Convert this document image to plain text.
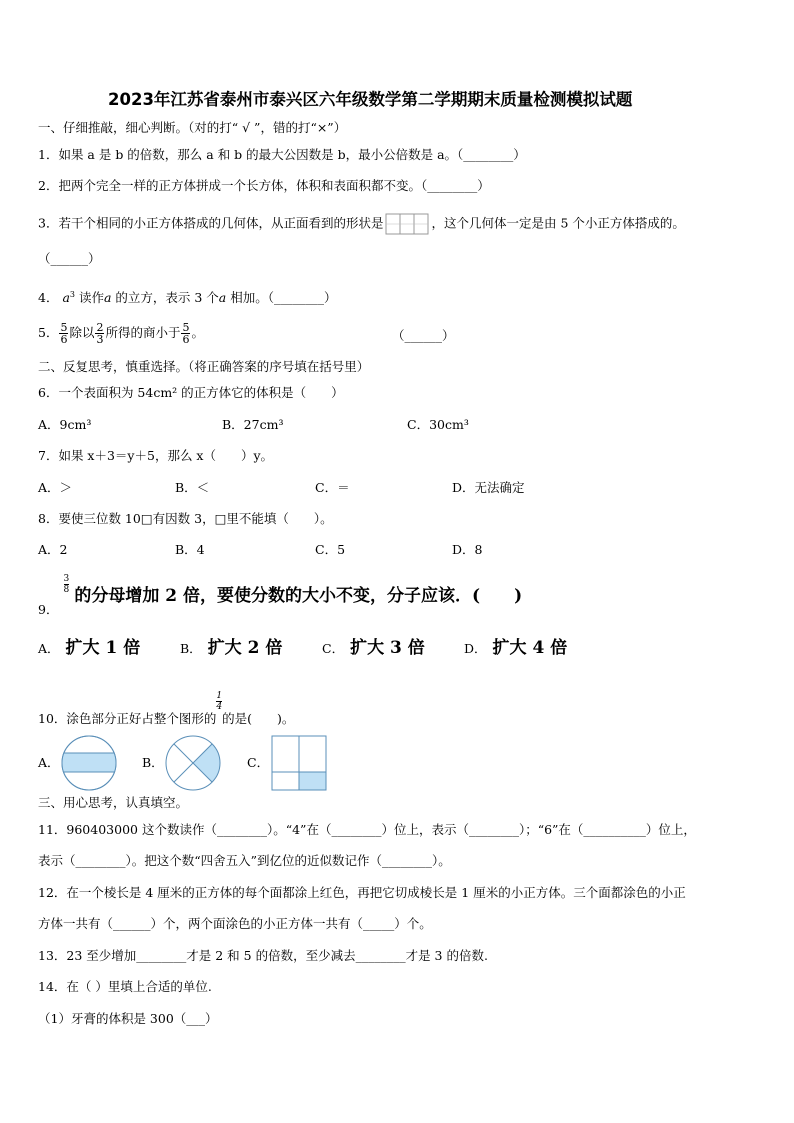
2023年江苏省泰州市泰兴区六年级数学第二学期期末质量检测模拟试题
一、仔细推敲，细心判断。（对的打“ √ ”，错的打“×”）
1．如果 a 是 b 的倍数，那么 a 和 b 的最大公因数是 b，最小公倍数是 a。（________）
2．把两个完全一样的正方体拼成一个长方体，体积和表面积都不变。（________）
3．若干个相同的小正方体搭成的几何体，从正面看到的形状是	，这个几何体一定是由 5 个小正方体搭成的。
（______）
4． $a^3$ 读作a 的立方，表示 3 个a 相加。（________）
5． $\frac{5}{6}$ 除以 $\frac{2}{3}$ 所得的商小于 $\frac{5}{6}$ 。	（______）
二、反复思考，慎重选择。（将正确答案的序号填在括号里）
6．一个表面积为 54cm² 的正方体它的体积是（　　）
A．9cm³	B．27cm³	C．30cm³
7．如果 x＋3＝y＋5，那么 x（　　）y。
A．＞	B．＜	C．＝	D．无法确定
8．要使三位数 10□有因数 3，□里不能填（　　）。
A．2	B．4	C．5	D．8
$_{9.}$
$\frac{3}{8}$ 的分母增加 2 倍，要使分数的大小不变，分子应该．(　　)
A． 扩大 1 倍	B． 扩大 2 倍	C． 扩大 3 倍	D． 扩大 4 倍
10．涂色部分正好占整个图形的
$\frac{1}{4}$的是(　　)。
A．	B．	C．
三、用心思考，认真填空。
11．960403000 这个数读作（________）。“4”在（________）位上，表示（________）；“6”在（__________）位上，
表示（________）。把这个数“四舍五入”到亿位的近似数记作（________）。
12．在一个棱长是 4 厘米的正方体的每个面都涂上红色，再把它切成棱长是 1 厘米的小正方体。三个面都涂色的小正
方体一共有（______）个，两个面涂色的小正方体一共有（_____）个。
13．23 至少增加________才是 2 和 5 的倍数，至少减去________才是 3 的倍数.
14．在（ ）里填上合适的单位.
（1）牙膏的体积是 300（___）
